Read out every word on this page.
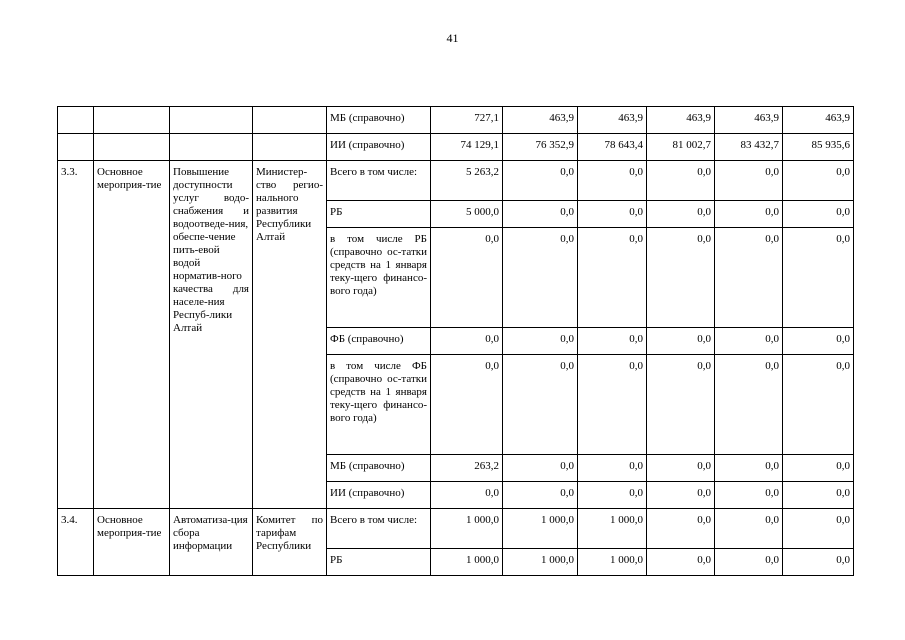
41
				МБ (справочно)	727,1	463,9	463,9	463,9	463,9	463,9
				ИИ (справочно)	74 129,1	76 352,9	78 643,4	81 002,7	83 432,7	85 935,6
3.3.	Основное мероприя-тие	Повышение доступности услуг водо-снабжения и водоотведе-ния, обеспе-чение пить-евой водой норматив-ного качества для населе-ния Респуб-лики Алтай	Министер-ство регио-нального развития Республики Алтай	Всего в том числе:	5 263,2	0,0	0,0	0,0	0,0	0,0
				РБ	5 000,0	0,0	0,0	0,0	0,0	0,0
				в том числе РБ (справочно ос-татки средств на 1 января теку-щего финансо-вого года)	0,0	0,0	0,0	0,0	0,0	0,0
				ФБ (справочно)	0,0	0,0	0,0	0,0	0,0	0,0
				в том числе ФБ (справочно ос-татки средств на 1 января теку-щего финансо-вого года)	0,0	0,0	0,0	0,0	0,0	0,0
				МБ (справочно)	263,2	0,0	0,0	0,0	0,0	0,0
				ИИ (справочно)	0,0	0,0	0,0	0,0	0,0	0,0
3.4.	Основное мероприя-тие	Автоматиза-ция сбора информации	Комитет по тарифам Республики	Всего в том числе:	1 000,0	1 000,0	1 000,0	0,0	0,0	0,0
				РБ	1 000,0	1 000,0	1 000,0	0,0	0,0	0,0
